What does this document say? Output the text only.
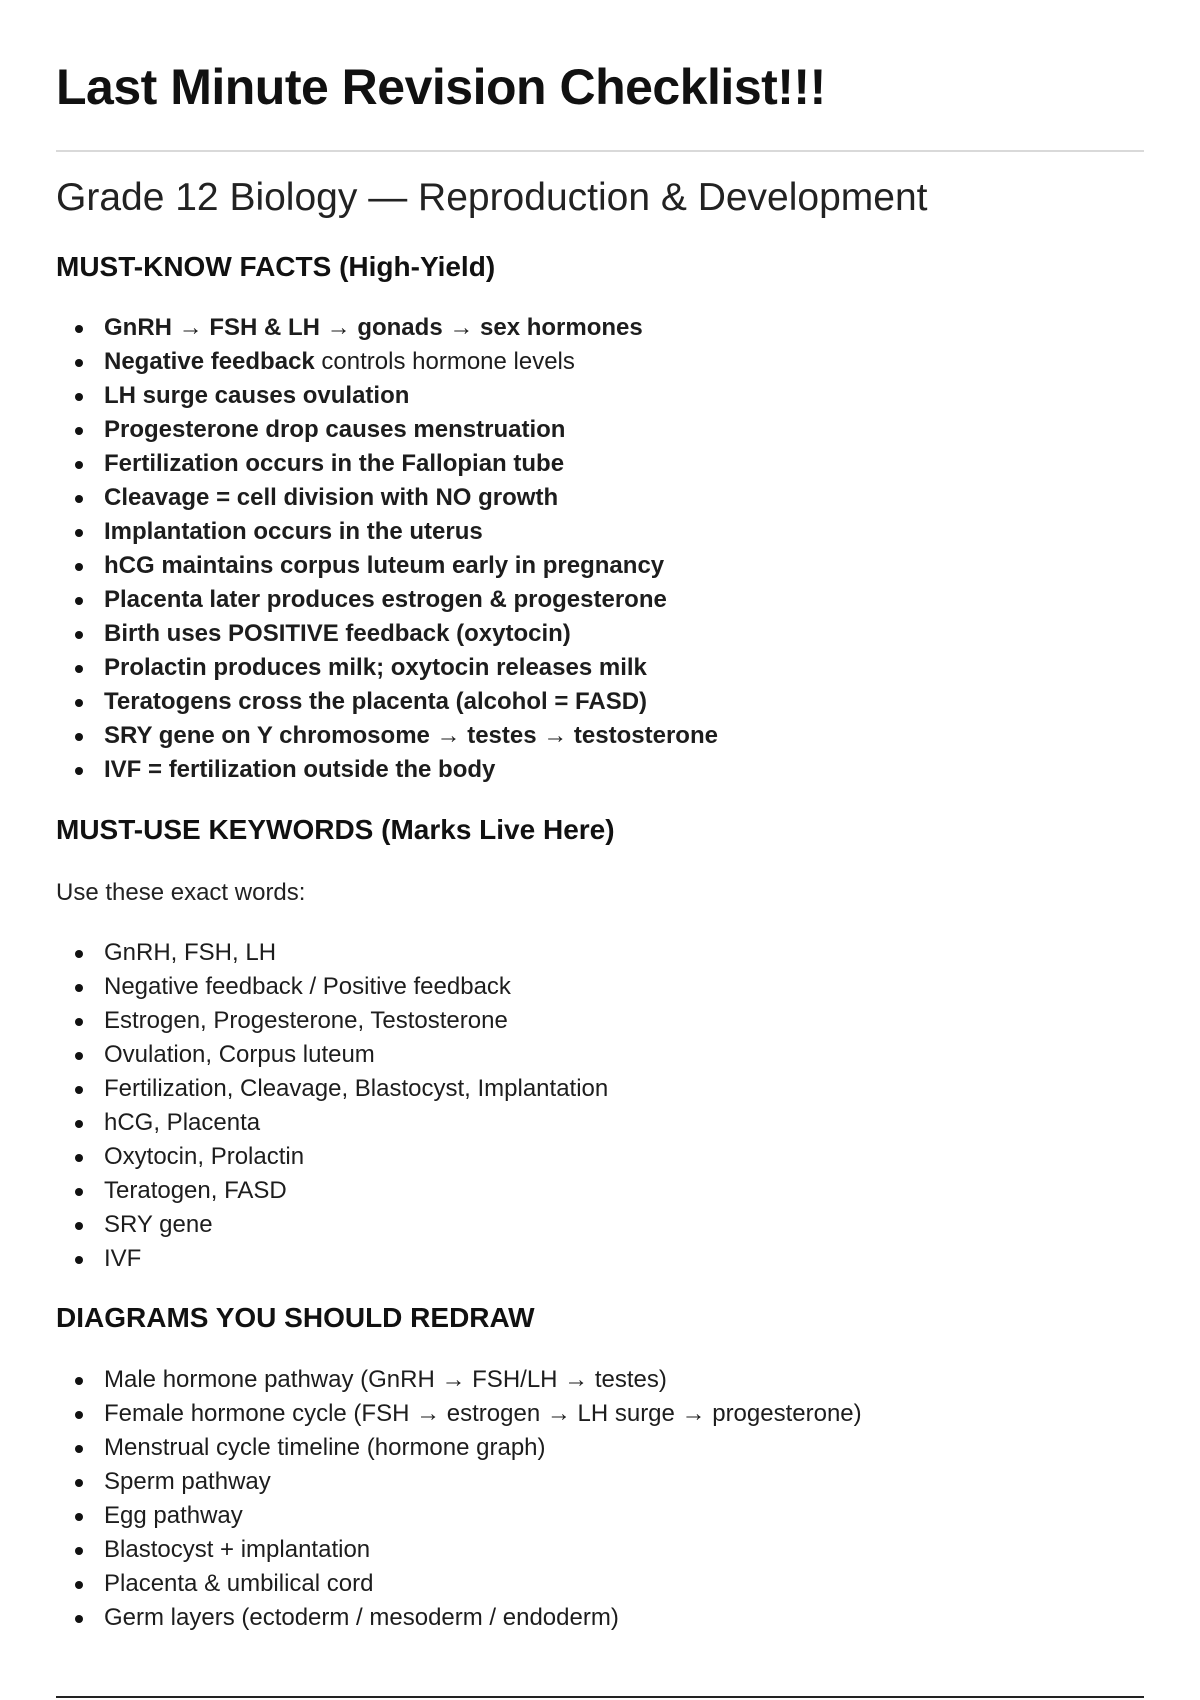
Last Minute Revision Checklist!!!

Grade 12 Biology — Reproduction & Development

MUST-KNOW FACTS (High-Yield)
GnRH → FSH & LH → gonads → sex hormones
Negative feedback controls hormone levels
LH surge causes ovulation
Progesterone drop causes menstruation
Fertilization occurs in the Fallopian tube
Cleavage = cell division with NO growth
Implantation occurs in the uterus
hCG maintains corpus luteum early in pregnancy
Placenta later produces estrogen & progesterone
Birth uses POSITIVE feedback (oxytocin)
Prolactin produces milk; oxytocin releases milk
Teratogens cross the placenta (alcohol = FASD)
SRY gene on Y chromosome → testes → testosterone
IVF = fertilization outside the body
MUST-USE KEYWORDS (Marks Live Here)

Use these exact words:

GnRH, FSH, LH
Negative feedback / Positive feedback
Estrogen, Progesterone, Testosterone
Ovulation, Corpus luteum
Fertilization, Cleavage, Blastocyst, Implantation
hCG, Placenta
Oxytocin, Prolactin
Teratogen, FASD
SRY gene
IVF
DIAGRAMS YOU SHOULD REDRAW
Male hormone pathway (GnRH → FSH/LH → testes)
Female hormone cycle (FSH → estrogen → LH surge → progesterone)
Menstrual cycle timeline (hormone graph)
Sperm pathway
Egg pathway
Blastocyst + implantation
Placenta & umbilical cord
Germ layers (ectoderm / mesoderm / endoderm)
